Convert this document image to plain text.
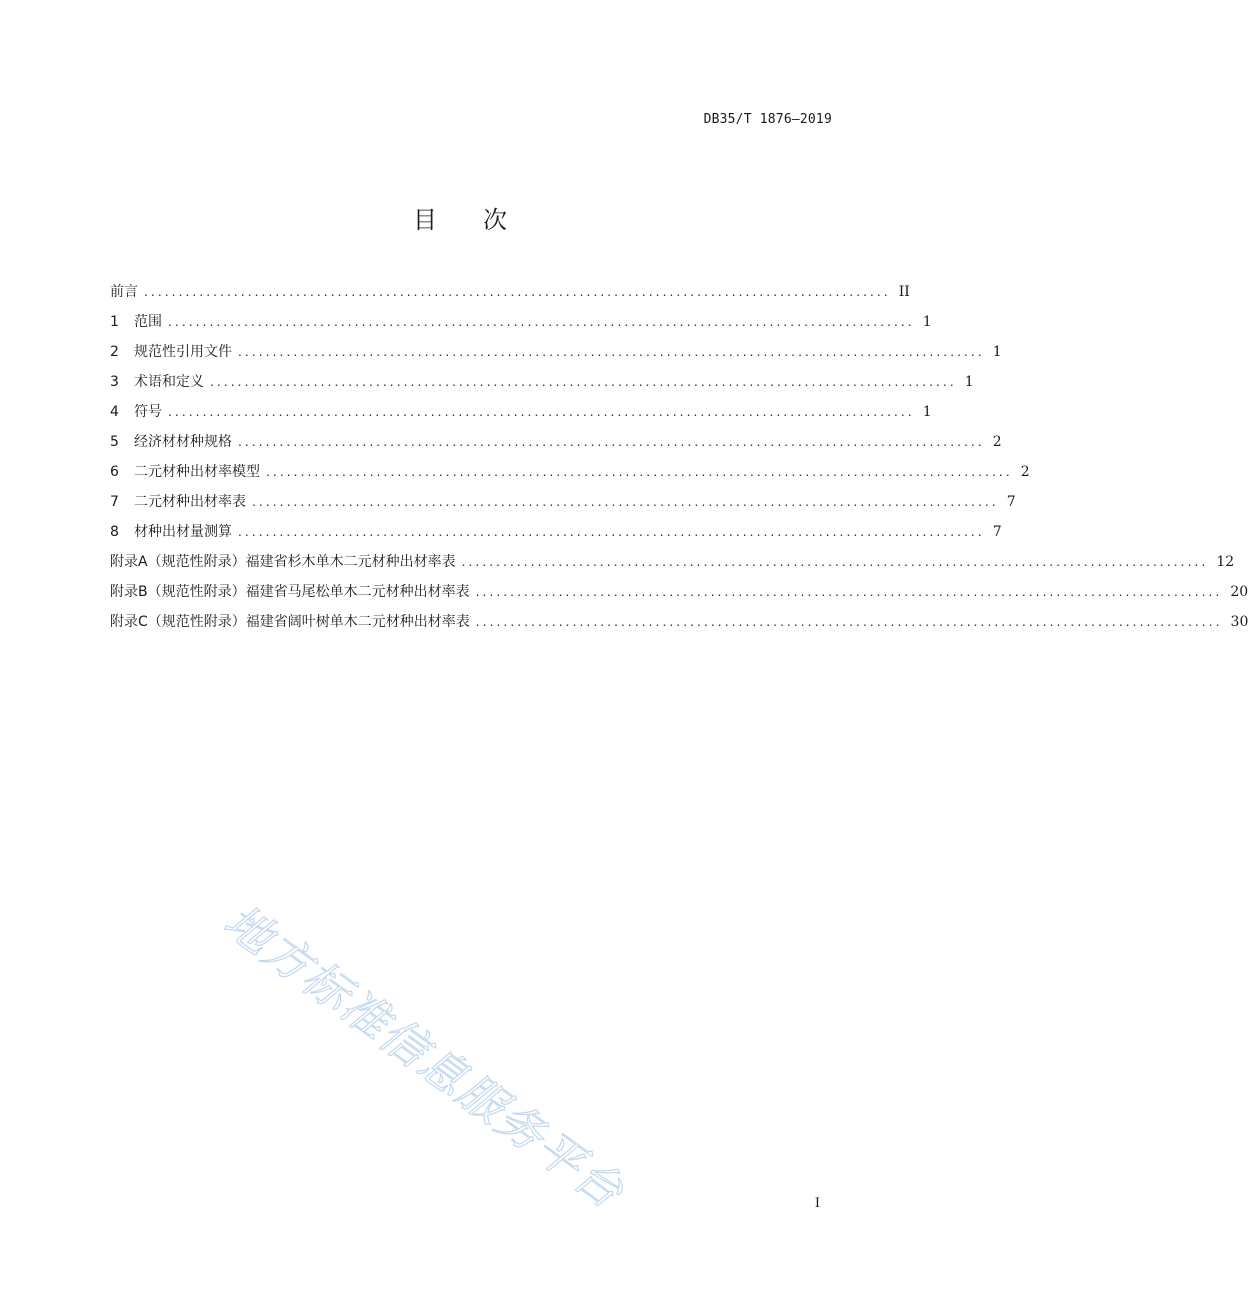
DB35/T 1876—2019
目 次
前言 ............................................................................................................ II
1	范围 ............................................................................................................ 1
2	规范性引用文件 ............................................................................................................ 1
3	术语和定义 ............................................................................................................ 1
4	符号 ............................................................................................................ 1
5	经济材材种规格 ............................................................................................................ 2
6	二元材种出材率模型 ............................................................................................................ 2
7	二元材种出材率表 ............................................................................................................ 7
8	材种出材量测算 ............................................................................................................ 7
附录A（规范性附录） 福建省杉木单木二元材种出材率表 ............................................................................................................ 12
附录B（规范性附录） 福建省马尾松单木二元材种出材率表 ............................................................................................................ 20
附录C（规范性附录） 福建省阔叶树单木二元材种出材率表 ............................................................................................................ 30
地方标准信息服务平台	I
